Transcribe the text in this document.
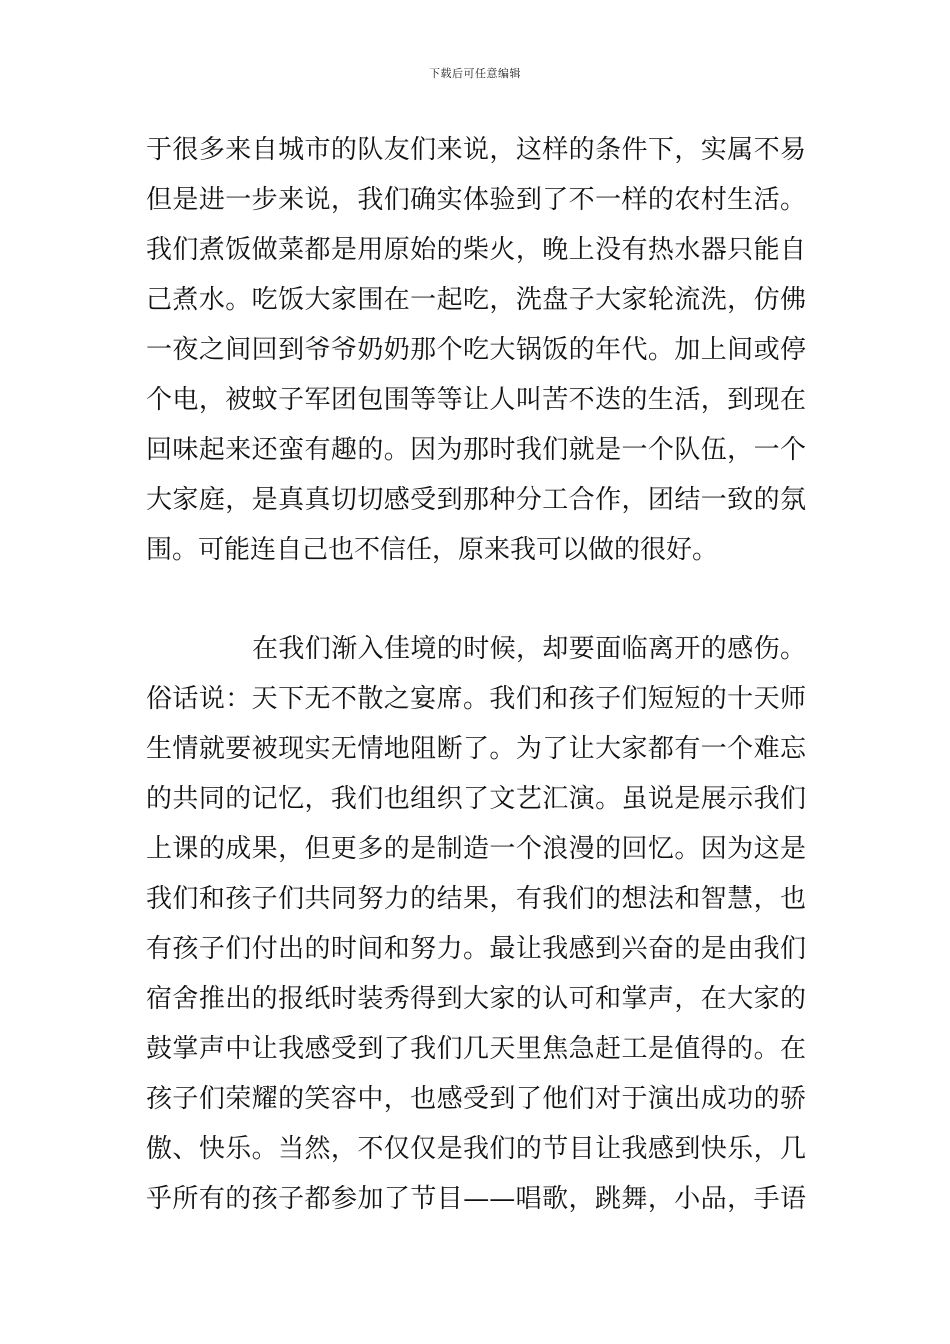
下载后可任意编辑
于很多来自城市的队友们来说，这样的条件下，实属不易
但是进一步来说，我们确实体验到了不一样的农村生活。
我们煮饭做菜都是用原始的柴火，晚上没有热水器只能自
己煮水。吃饭大家围在一起吃，洗盘子大家轮流洗，仿佛
一夜之间回到爷爷奶奶那个吃大锅饭的年代。加上间或停
个电，被蚊子军团包围等等让人叫苦不迭的生活，到现在
回味起来还蛮有趣的。因为那时我们就是一个队伍，一个
大家庭，是真真切切感受到那种分工合作，团结一致的氛
围。可能连自己也不信任，原来我可以做的很好。
在我们渐入佳境的时候，却要面临离开的感伤。
俗话说：天下无不散之宴席。我们和孩子们短短的十天师
生情就要被现实无情地阻断了。为了让大家都有一个难忘
的共同的记忆，我们也组织了文艺汇演。虽说是展示我们
上课的成果，但更多的是制造一个浪漫的回忆。因为这是
我们和孩子们共同努力的结果，有我们的想法和智慧，也
有孩子们付出的时间和努力。最让我感到兴奋的是由我们
宿舍推出的报纸时装秀得到大家的认可和掌声，在大家的
鼓掌声中让我感受到了我们几天里焦急赶工是值得的。在
孩子们荣耀的笑容中，也感受到了他们对于演出成功的骄
傲、快乐。当然，不仅仅是我们的节目让我感到快乐，几
乎所有的孩子都参加了节目——唱歌，跳舞，小品，手语
